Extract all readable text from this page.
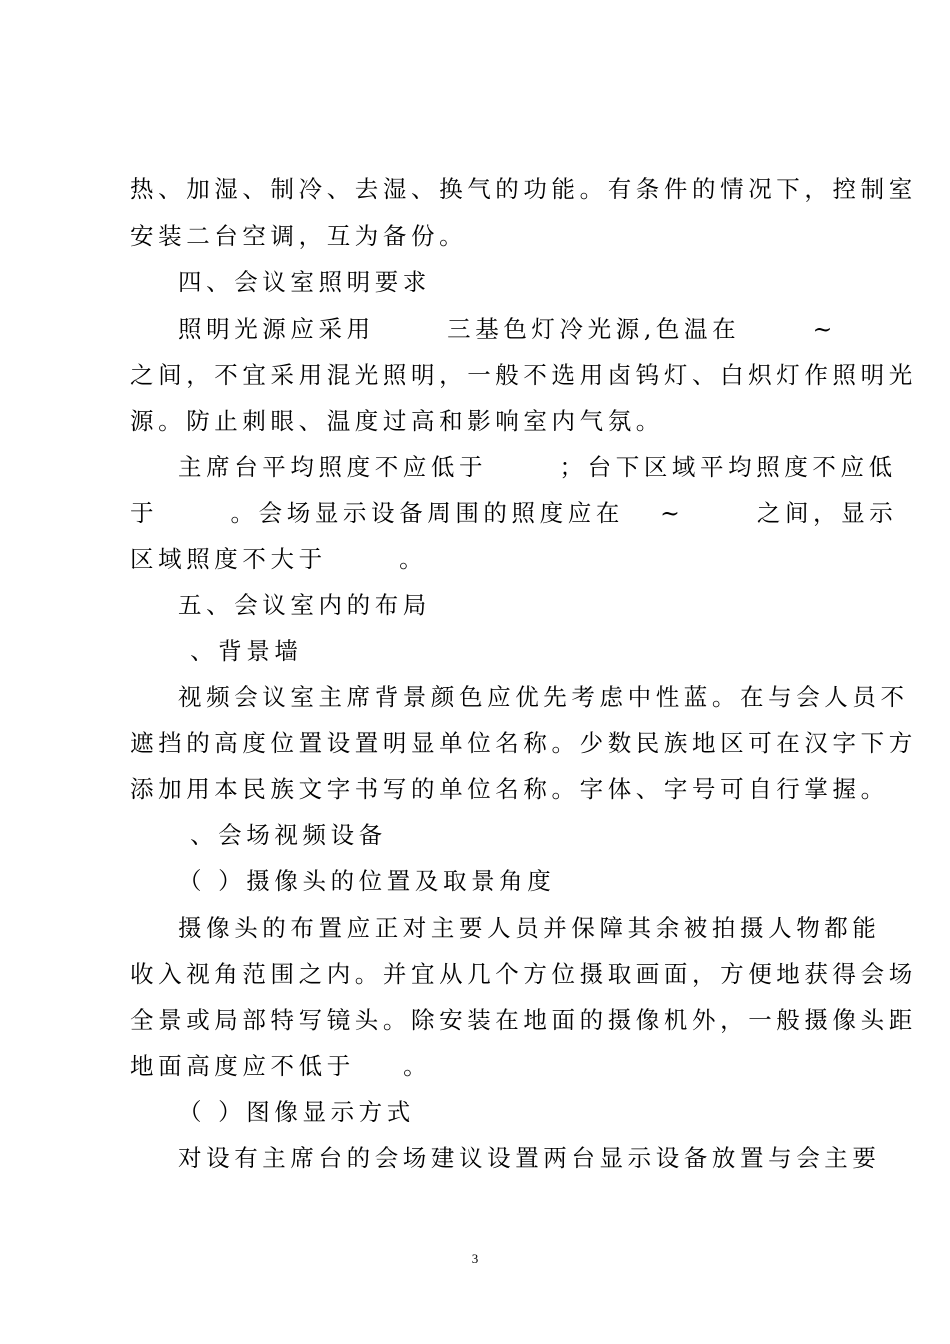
热、加湿、制冷、去湿、换气的功能。有条件的情况下，控制室
安装二台空调，互为备份。
四、会议室照明要求
照明光源应采用      三基色灯冷光源,色温在      ~
之间，不宜采用混光照明，一般不选用卤钨灯、白炽灯作照明光
源。防止刺眼、温度过高和影响室内气氛。
主席台平均照度不应低于      ；台下区域平均照度不应低
于      。会场显示设备周围的照度应在   ~      之间，显示
区域照度不大于      。
五、会议室内的布局
、背景墙
视频会议室主席背景颜色应优先考虑中性蓝。在与会人员不
遮挡的高度位置设置明显单位名称。少数民族地区可在汉字下方
添加用本民族文字书写的单位名称。字体、字号可自行掌握。
、会场视频设备
（ ）摄像头的位置及取景角度
摄像头的布置应正对主要人员并保障其余被拍摄人物都能
收入视角范围之内。并宜从几个方位摄取画面，方便地获得会场
全景或局部特写镜头。除安装在地面的摄像机外，一般摄像头距
地面高度应不低于    。
（ ）图像显示方式
对设有主席台的会场建议设置两台显示设备放置与会主要
3
